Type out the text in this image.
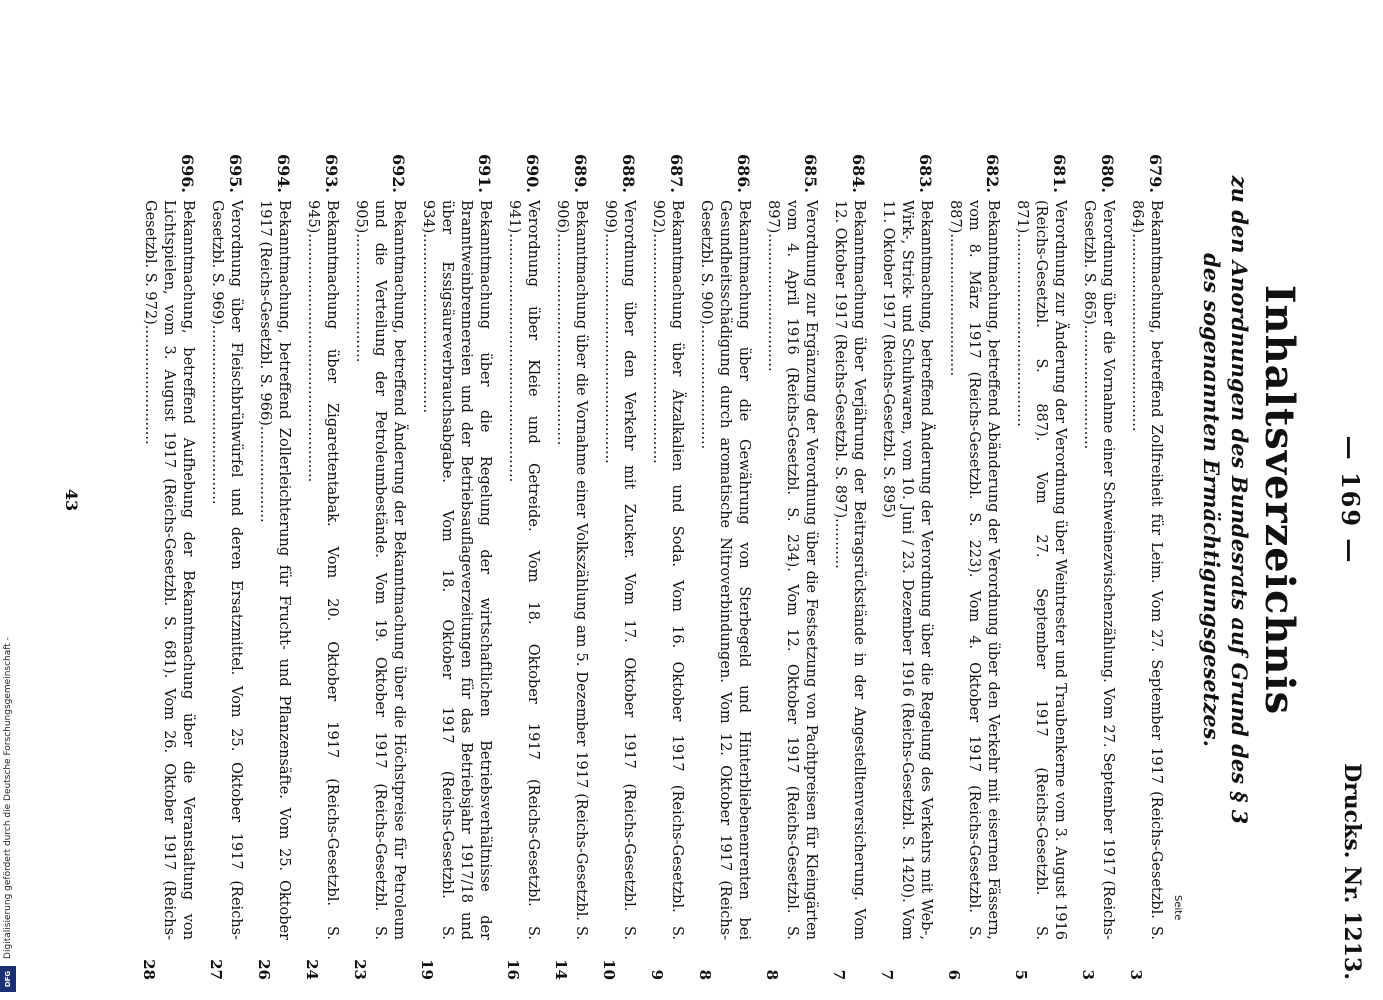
— 169 —
Drucks. Nr. 1213.
Inhaltsverzeichnis
zu den Anordnungen des Bundesrats auf Grund des § 3
des sogenannten Ermächtigungsgesetzes.
Seite
679.
Bekanntmachung, betreffend Zollfreiheit für Leim. Vom 27. September 1917 (Reichs-Gesetzbl. S. 864)...........................................
3
680.
Verordnung über die Vornahme einer Schweinezwischenzählung. Vom 27. September 1917 (Reichs-Gesetzbl. S. 865)...........................
3
681.
Verordnung zur Änderung der Verordnung über Weintrester und Traubenkerne vom 3. August 1916 (Reichs-Gesetzbl. S. 887). Vom 27. September 1917 (Reichs-Gesetzbl. S. 871)..........................................
5
682.
Bekanntmachung, betreffend Abänderung der Verordnung über den Verkehr mit eisernen Fässern, vom 8. März 1917 (Reichs-Gesetzbl. S. 223). Vom 4. Oktober 1917 (Reichs-Gesetzbl. S. 887)...............................
6
683.
Bekanntmachung, betreffend Änderung der Verordnung über die Regelung des Verkehrs mit Web-, Wirk-, Strick- und Schuhwaren, vom 10. Juni / 23. Dezember 1916 (Reichs-Gesetzbl. S. 1420). Vom 11. Oktober 1917 (Reichs-Gesetzbl. S. 895)
7
684.
Bekanntmachung über Verjährung der Beitragsrückstände in der Angestelltenversicherung. Vom 12. Oktober 1917 (Reichs-Gesetzbl. S. 897)...........
7
685.
Verordnung zur Ergänzung der Verordnung über die Festsetzung von Pachtpreisen für Kleingärten vom 4. April 1916 (Reichs-Gesetzbl. S. 234). Vom 12. Oktober 1917 (Reichs-Gesetzbl. S. 897)..............................
8
686.
Bekanntmachung über die Gewährung von Sterbegeld und Hinterbliebenenrenten bei Gesundheitsschädigung durch aromatische Nitroverbindungen. Vom 12. Oktober 1917 (Reichs-Gesetzbl. S. 900)...........................
8
687.
Bekanntmachung über Ätzalkalien und Soda. Vom 16. Oktober 1917 (Reichs-Gesetzbl. S. 902)..................................................
9
688.
Verordnung über den Verkehr mit Zucker. Vom 17. Oktober 1917 (Reichs-Gesetzbl. S. 909)..................................................
10
689.
Bekanntmachung über die Vornahme einer Volkszählung am 5. Dezember 1917 (Reichs-Gesetzbl. S. 906)..............................................
14
690.
Verordnung über Kleie und Getreide. Vom 18. Oktober 1917 (Reichs-Gesetzbl. S. 941)......................................................
16
691.
Bekanntmachung über die Regelung der wirtschaftlichen Betriebsverhältnisse der Branntweinbrennereien und der Betriebsauflageverzeitungen für das Betriebsjahr 1917/18 und über Essigsäureverbrauchsabgabe. Vom 18. Oktober 1917 (Reichs-Gesetzbl. S. 934).......................................
19
692.
Bekanntmachung, betreffend Änderung der Bekanntmachung über die Höchstpreise für Petroleum und die Verteilung der Petroleumbestände. Vom 19. Oktober 1917 (Reichs-Gesetzbl. S. 905)............................
23
693.
Bekanntmachung über Zigarettentabak. Vom 20. Oktober 1917 (Reichs-Gesetzbl. S. 945)......................................................
24
694.
Bekanntmachung, betreffend Zollerleichterung für Frucht- und Pflanzensäfte. Vom 25. Oktober 1917 (Reichs-Gesetzbl. S. 966).....................
26
695.
Verordnung über Fleischbrühwürfel und deren Ersatzmittel. Vom 25. Oktober 1917 (Reichs-Gesetzbl. S. 969).......................................
27
696.
Bekanntmachung, betreffend Aufhebung der Bekanntmachung über die Veranstaltung von Lichtspielen, vom 3. August 1917 (Reichs-Gesetzbl. S. 681). Vom 26. Oktober 1917 (Reichs-Gesetzbl. S. 972)..........................
28
43
Digitalisierung gefördert durch die Deutsche Forschungsgemeinschaft -
DFG
